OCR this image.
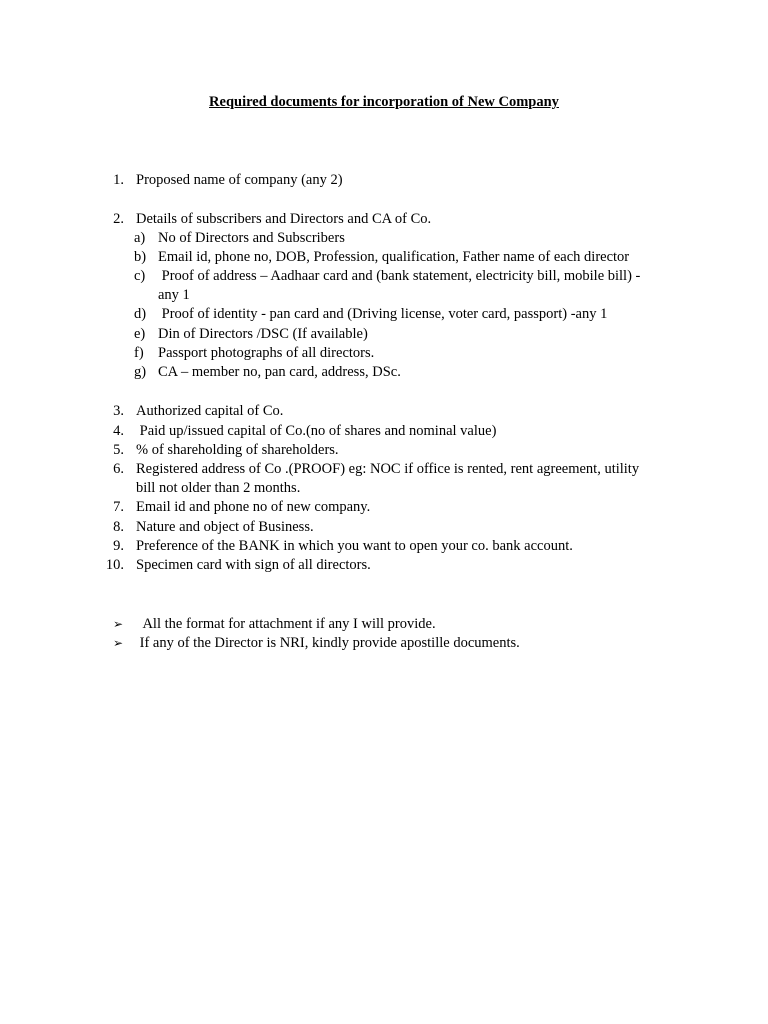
Required documents for incorporation of New Company
1. Proposed name of company (any 2)
2. Details of subscribers and Directors and CA of Co.
a) No of Directors and Subscribers
b) Email id, phone no, DOB, Profession, qualification, Father name of each director
c) Proof of address – Aadhaar card and (bank statement, electricity bill, mobile bill) -
any 1
d) Proof of identity - pan card and (Driving license, voter card, passport) -any 1
e) Din of Directors /DSC (If available)
f) Passport photographs of all directors.
g) CA – member no, pan card, address, DSc.
3. Authorized capital of Co.
4. Paid up/issued capital of Co.(no of shares and nominal value)
5. % of shareholding of shareholders.
6. Registered address of Co .(PROOF) eg: NOC if office is rented, rent agreement, utility
bill not older than 2 months.
7. Email id and phone no of new company.
8. Nature and object of Business.
9. Preference of the BANK in which you want to open your co. bank account.
10. Specimen card with sign of all directors.
➢ All the format for attachment if any I will provide.
➢ If any of the Director is NRI, kindly provide apostille documents.
